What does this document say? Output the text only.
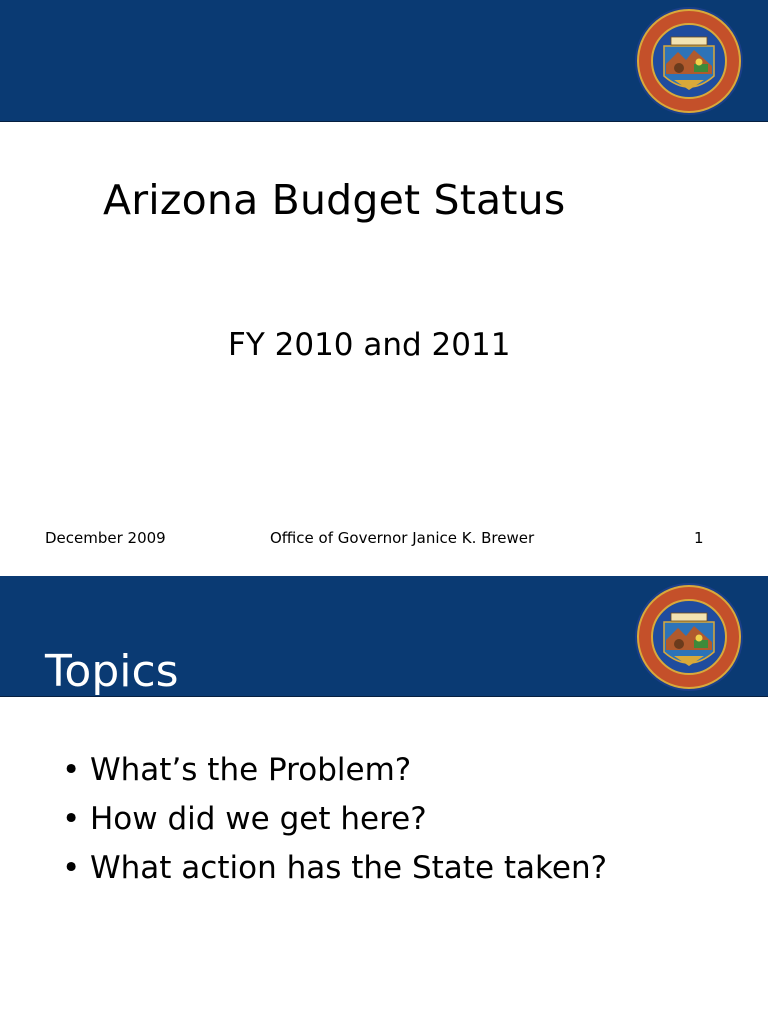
Arizona Budget Status
FY 2010 and 2011
December 2009	Office of Governor Janice K. Brewer	1
Topics
• What’s the Problem?
• How did we get here?
• What action has the State taken?
